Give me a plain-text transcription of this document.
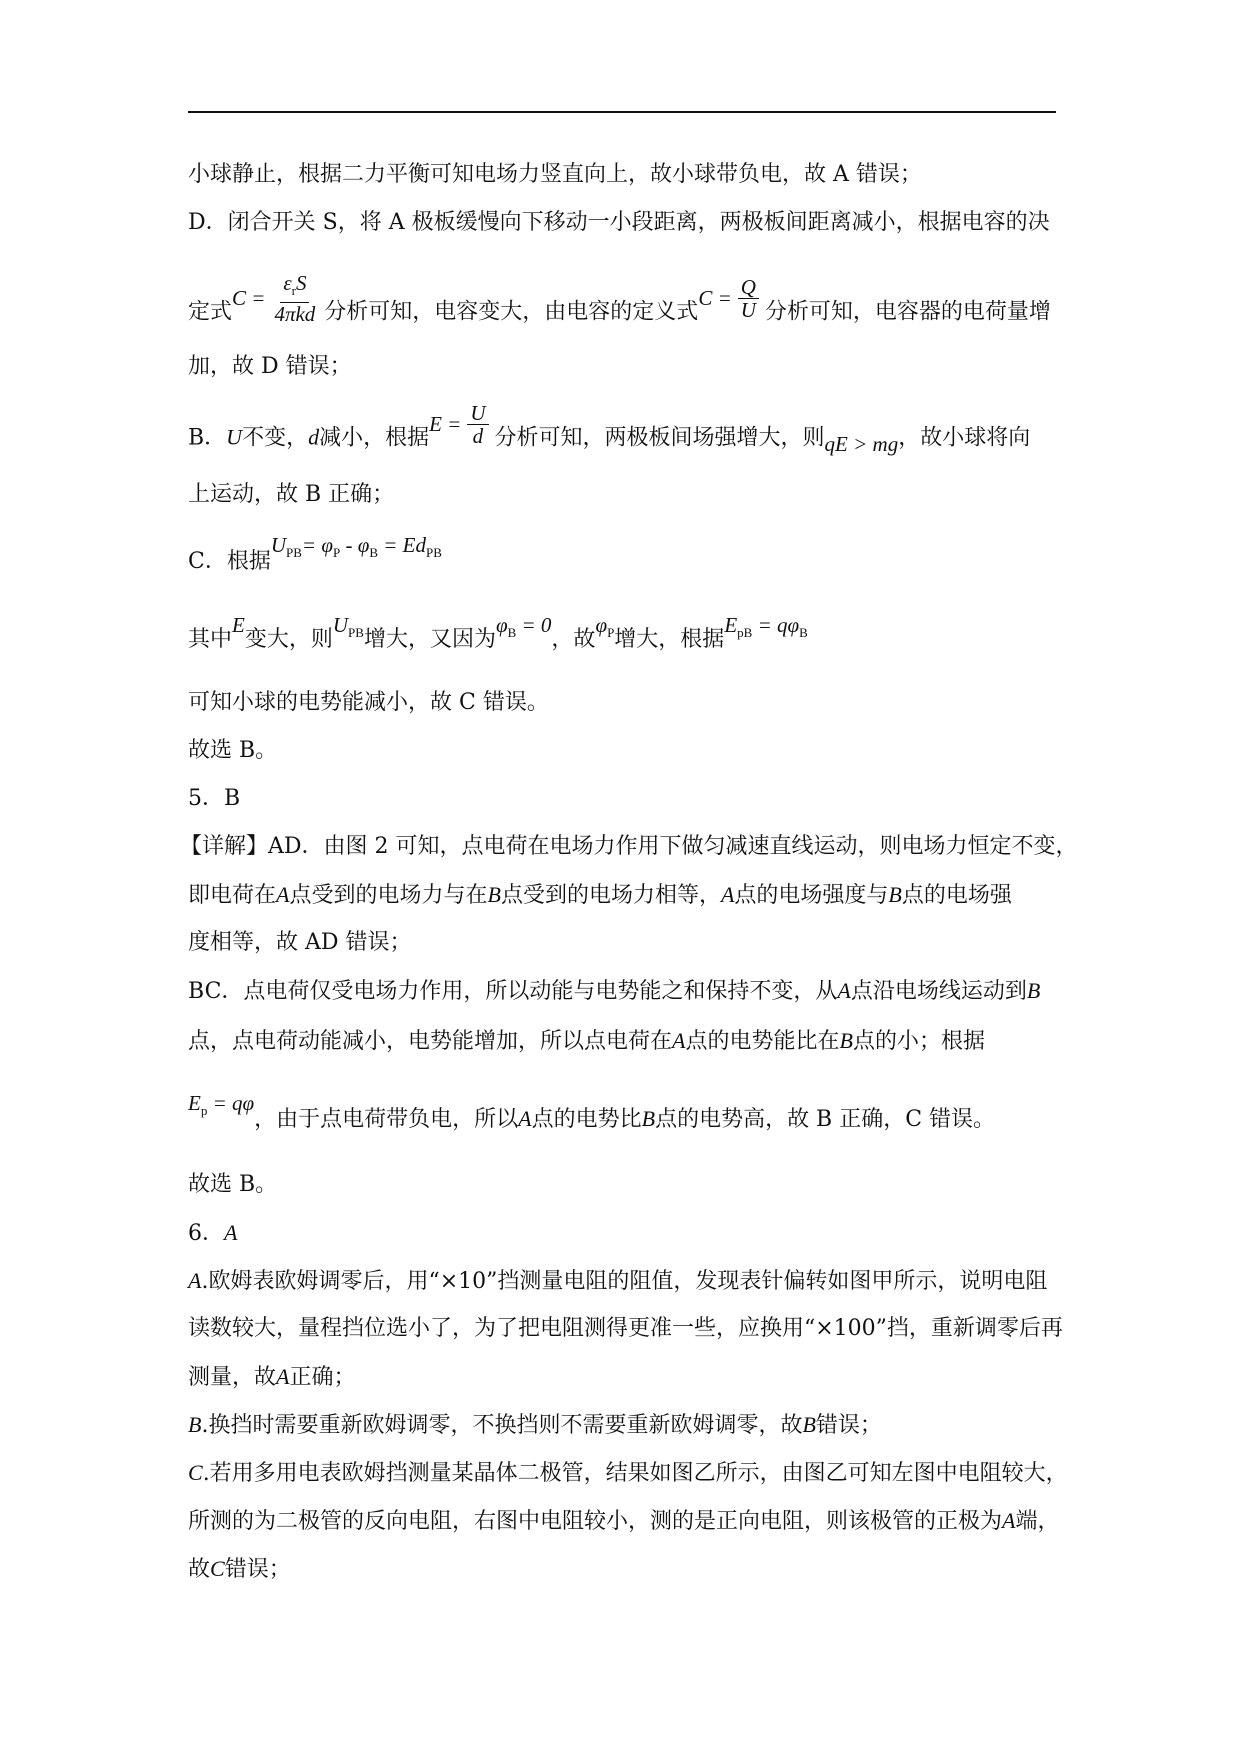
小球静止，根据二力平衡可知电场力竖直向上，故小球带负电，故 A 错误；
D．闭合开关 S，将 A 极板缓慢向下移动一小段距离，两极板间距离减小，根据电容的决
定式$C = \frac{\varepsilon_rS}{\text{4πkd}}$ 分析可知，电容变大，由电容的定义式$C = \frac{Q}{U}$ 分析可知，电容器的电荷量增
加，故 D 错误；
B．U不变，d减小，根据$E = \frac{U}{d}$ 分析可知，两极板间场强增大，则qE > mg，故小球将向
上运动，故 B 正确；
C．根据$U_{PB}= \varphi_P - \varphi_B = Ed_{PB}$
其中E变大，则$U_{PB}$增大，又因为$\varphi_B = 0$，故$\varphi_P$增大，根据$E_{pB} = q\varphi_B$
可知小球的电势能减小，故 C 错误。
故选 B。
5．B
【详解】AD．由图 2 可知，点电荷在电场力作用下做匀减速直线运动，则电场力恒定不变，
即电荷在A点受到的电场力与在B点受到的电场力相等，A点的电场强度与B点的电场强
度相等，故 AD 错误；
BC．点电荷仅受电场力作用，所以动能与电势能之和保持不变，从A点沿电场线运动到B
点，点电荷动能减小，电势能增加，所以点电荷在A点的电势能比在B点的小；根据
$E_p = q\varphi$，由于点电荷带负电，所以A点的电势比B点的电势高，故 B 正确，C 错误。
故选 B。
6．A
A.欧姆表欧姆调零后，用“×10”挡测量电阻的阻值，发现表针偏转如图甲所示，说明电阻
读数较大，量程挡位选小了，为了把电阻测得更准一些，应换用“×100”挡，重新调零后再
测量，故A正确；
B.换挡时需要重新欧姆调零，不换挡则不需要重新欧姆调零，故B错误；
C.若用多用电表欧姆挡测量某晶体二极管，结果如图乙所示，由图乙可知左图中电阻较大，
所测的为二极管的反向电阻，右图中电阻较小，测的是正向电阻，则该极管的正极为A端，
故C错误；
